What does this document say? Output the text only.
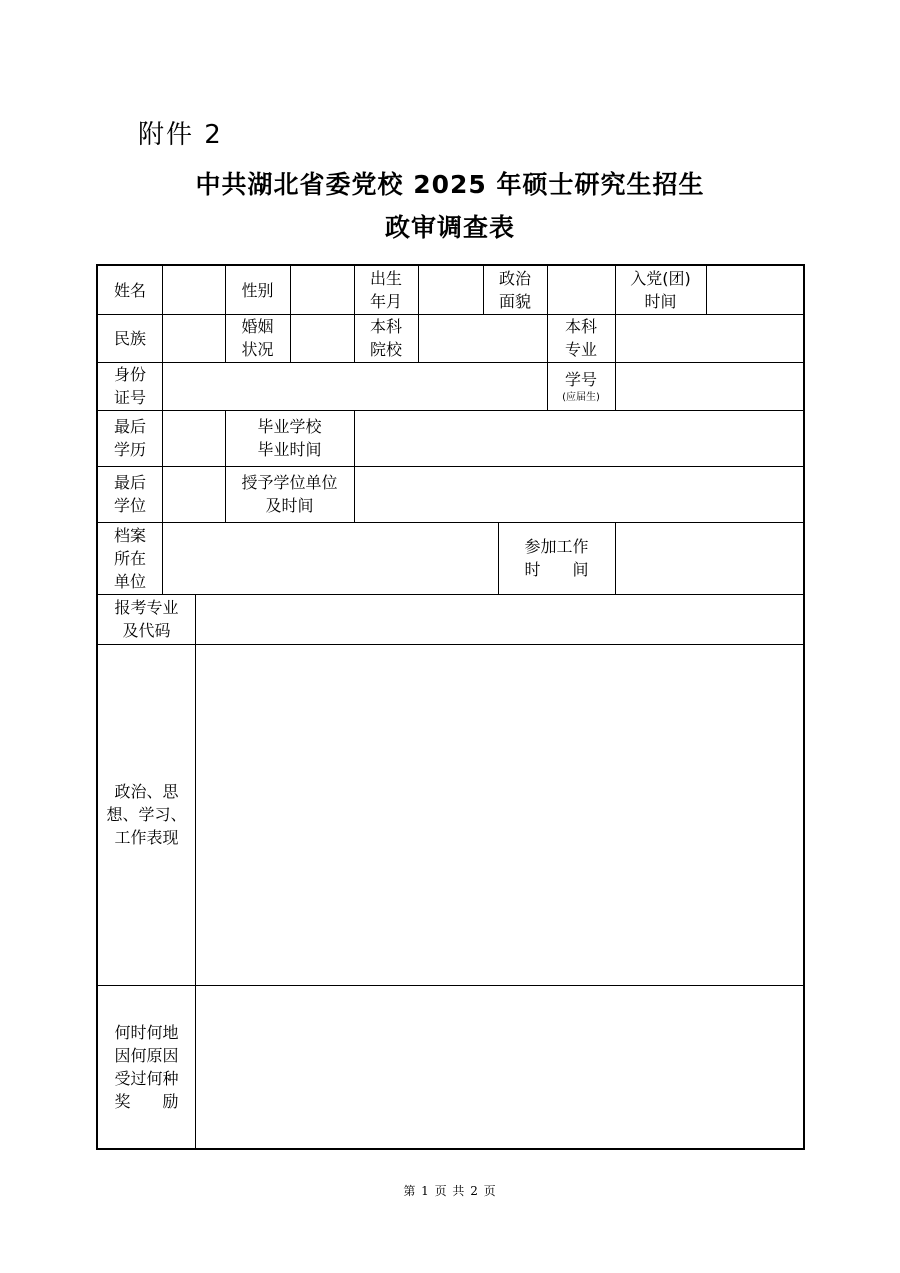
附件 2
中共湖北省委党校 2025 年硕士研究生招生
政审调查表
姓名	性别
出生
年月
政治
面貌
入党(团)
时间
民族
婚姻
状况
本科
院校
本科
专业
身份
证号
学号
(应届生)
最后
学历
毕业学校
毕业时间
最后
学位
授予学位单位
及时间
档案
所在
单位
参加工作
时　　间
报考专业
及代码
政治、思
想、学习、
工作表现
何时何地
因何原因
受过何种
奖　　励
第 1 页 共 2 页
